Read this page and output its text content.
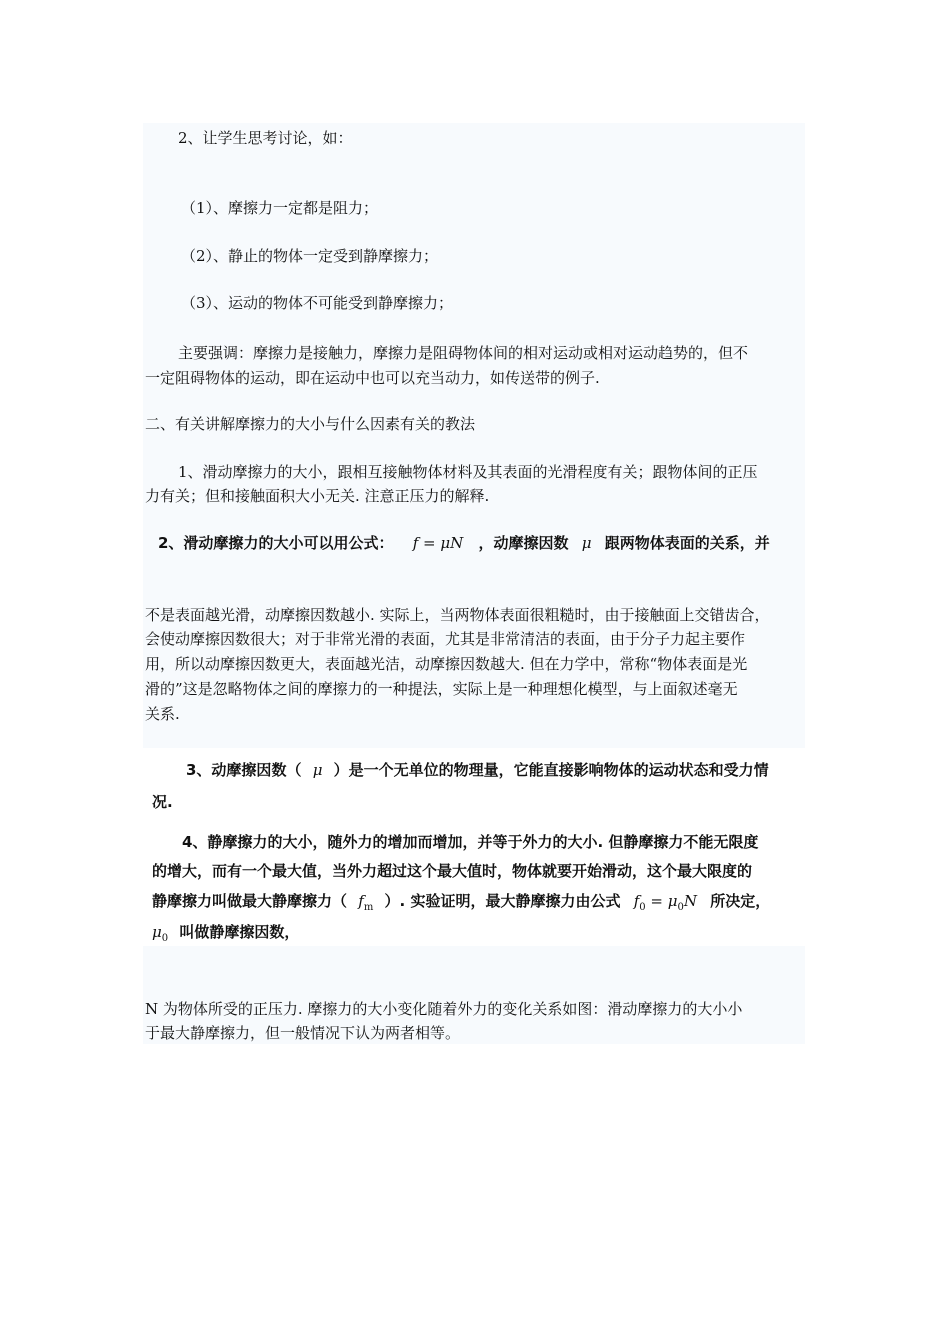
2、让学生思考讨论，如：
（1）、摩擦力一定都是阻力；
（2）、静止的物体一定受到静摩擦力；
（3）、运动的物体不可能受到静摩擦力；
主要强调：摩擦力是接触力，摩擦力是阻碍物体间的相对运动或相对运动趋势的，但不
一定阻碍物体的运动，即在运动中也可以充当动力，如传送带的例子.
二、有关讲解摩擦力的大小与什么因素有关的教法
1、滑动摩擦力的大小，跟相互接触物体材料及其表面的光滑程度有关；跟物体间的正压
力有关；但和接触面积大小无关. 注意正压力的解释.
2、滑动摩擦力的大小可以用公式： f = μN ，动摩擦因数 μ 跟两物体表面的关系，并
不是表面越光滑，动摩擦因数越小. 实际上，当两物体表面很粗糙时，由于接触面上交错齿合，
会使动摩擦因数很大；对于非常光滑的表面，尤其是非常清洁的表面，由于分子力起主要作
用，所以动摩擦因数更大，表面越光洁，动摩擦因数越大. 但在力学中，常称“物体表面是光
滑的”这是忽略物体之间的摩擦力的一种提法，实际上是一种理想化模型，与上面叙述毫无
关系.
3、动摩擦因数（ μ ）是一个无单位的物理量，它能直接影响物体的运动状态和受力情
况.
4、静摩擦力的大小，随外力的增加而增加，并等于外力的大小. 但静摩擦力不能无限度
的增大，而有一个最大值，当外力超过这个最大值时，物体就要开始滑动，这个最大限度的
静摩擦力叫做最大静摩擦力（ $f_m$ ）. 实验证明，最大静摩擦力由公式 $f_0 = \mu_0N$ 所决定，
$\mu_0$ 叫做静摩擦因数，
N 为物体所受的正压力. 摩擦力的大小变化随着外力的变化关系如图：滑动摩擦力的大小小
于最大静摩擦力，但一般情况下认为两者相等。
